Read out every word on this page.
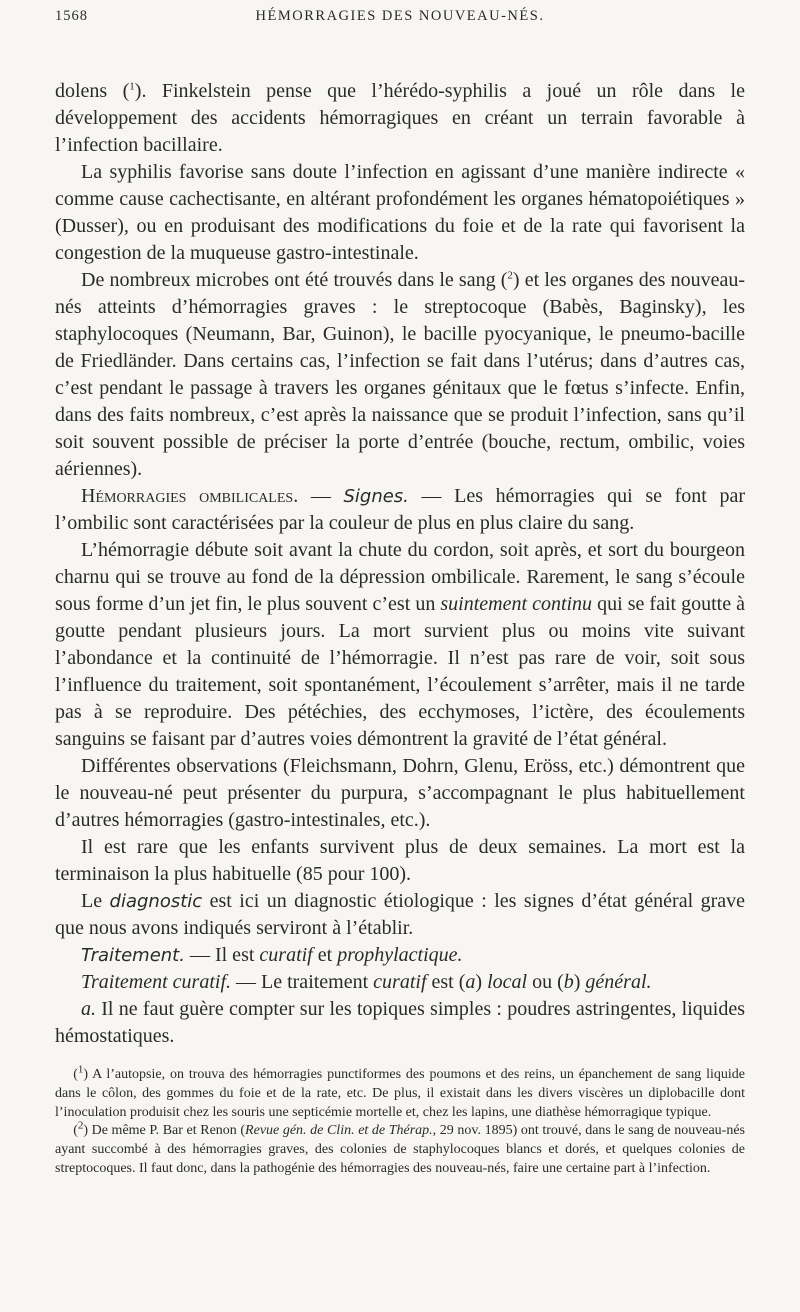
1568	HÉMORRAGIES DES NOUVEAU-NÉS.

dolens ($^1$). Finkelstein pense que l’hérédo-syphilis a joué un rôle dans le développement des accidents hémorragiques en créant un terrain favorable à l’infection bacillaire.

La syphilis favorise sans doute l’infection en agissant d’une manière indirecte « comme cause cachectisante, en altérant profondément les organes hématopoiétiques » (Dusser), ou en produisant des modifications du foie et de la rate qui favorisent la congestion de la muqueuse gastro-intestinale.

De nombreux microbes ont été trouvés dans le sang ($^2$) et les organes des nouveau-nés atteints d’hémorragies graves : le streptocoque (Babès, Baginsky), les staphylocoques (Neumann, Bar, Guinon), le bacille pyocyanique, le pneumo-bacille de Friedländer. Dans certains cas, l’infection se fait dans l’utérus; dans d’autres cas, c’est pendant le passage à travers les organes génitaux que le fœtus s’infecte. Enfin, dans des faits nombreux, c’est après la naissance que se produit l’infection, sans qu’il soit souvent possible de préciser la porte d’entrée (bouche, rectum, ombilic, voies aériennes).

Hémorragies ombilicales. — Signes. — Les hémorragies qui se font par l’ombilic sont caractérisées par la couleur de plus en plus claire du sang.

L’hémorragie débute soit avant la chute du cordon, soit après, et sort du bourgeon charnu qui se trouve au fond de la dépression ombilicale. Rarement, le sang s’écoule sous forme d’un jet fin, le plus souvent c’est un suintement continu qui se fait goutte à goutte pendant plusieurs jours. La mort survient plus ou moins vite suivant l’abondance et la continuité de l’hémorragie. Il n’est pas rare de voir, soit sous l’influence du traitement, soit spontanément, l’écoulement s’arrêter, mais il ne tarde pas à se reproduire. Des pétéchies, des ecchymoses, l’ictère, des écoulements sanguins se faisant par d’autres voies démontrent la gravité de l’état général.

Différentes observations (Fleichsmann, Dohrn, Glenu, Eröss, etc.) démontrent que le nouveau-né peut présenter du purpura, s’accompagnant le plus habituellement d’autres hémorragies (gastro-intestinales, etc.).

Il est rare que les enfants survivent plus de deux semaines. La mort est la terminaison la plus habituelle (85 pour 100).

Le diagnostic est ici un diagnostic étiologique : les signes d’état général grave que nous avons indiqués serviront à l’établir.

Traitement. — Il est curatif et prophylactique.

Traitement curatif. — Le traitement curatif est (a) local ou (b) général.

a. Il ne faut guère compter sur les topiques simples : poudres astringentes, liquides hémostatiques.

($^1$) A l’autopsie, on trouva des hémorragies punctiformes des poumons et des reins, un épanchement de sang liquide dans le côlon, des gommes du foie et de la rate, etc. De plus, il existait dans les divers viscères un diplobacille dont l’inoculation produisit chez les souris une septicémie mortelle et, chez les lapins, une diathèse hémorragique typique.

($^2$) De même P. Bar et Renon (Revue gén. de Clin. et de Thérap., 29 nov. 1895) ont trouvé, dans le sang de nouveau-nés ayant succombé à des hémorragies graves, des colonies de staphylocoques blancs et dorés, et quelques colonies de streptocoques. Il faut donc, dans la pathogénie des hémorragies des nouveau-nés, faire une certaine part à l’infection.
